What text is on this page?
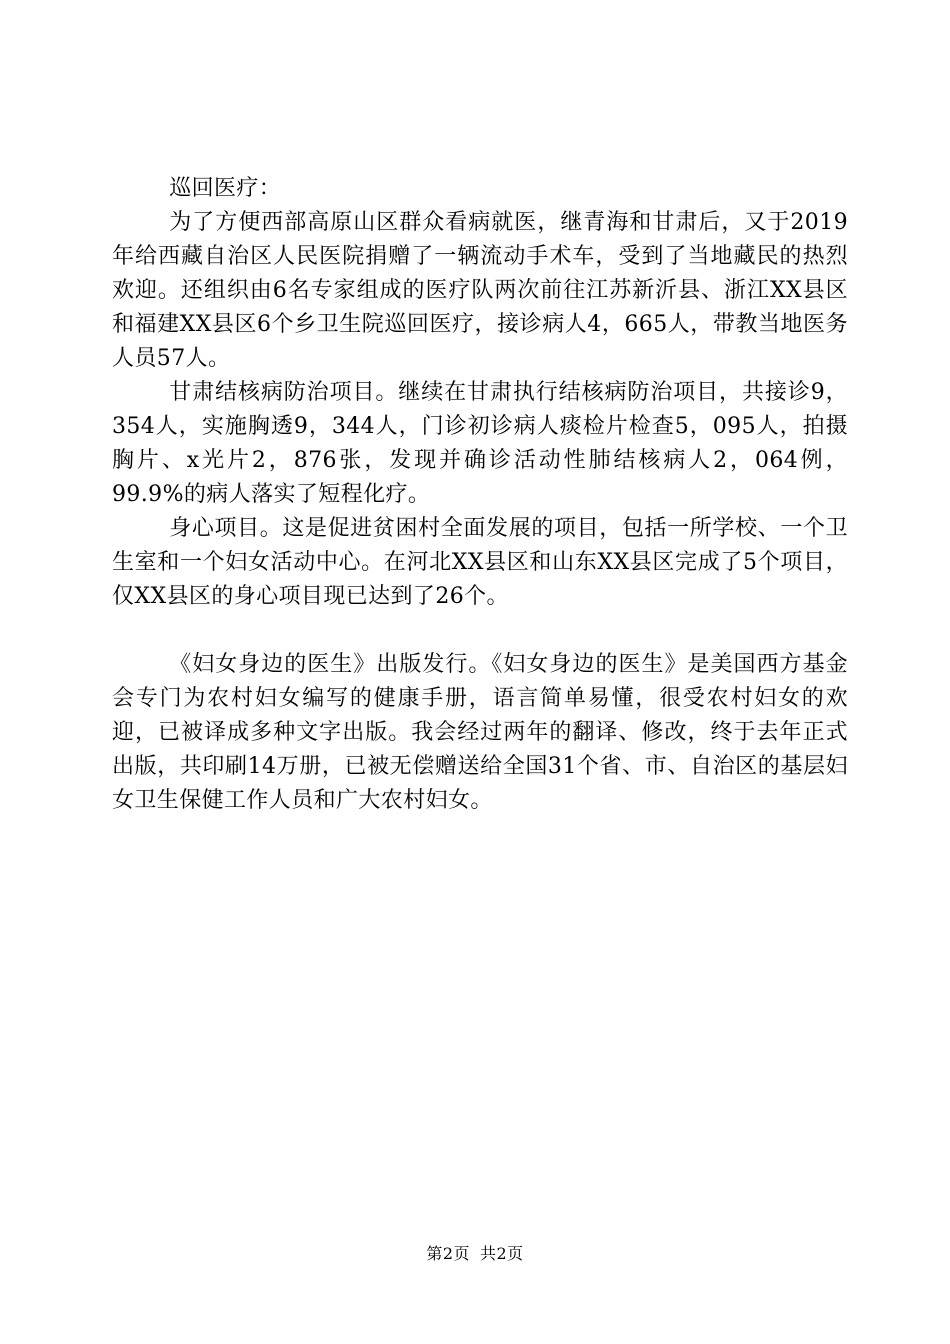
巡回医疗：

为了方便西部高原山区群众看病就医，继青海和甘肃后，又于2019年给西藏自治区人民医院捐赠了一辆流动手术车，受到了当地藏民的热烈欢迎。还组织由6名专家组成的医疗队两次前往江苏新沂县、浙江XX县区和福建XX县区6个乡卫生院巡回医疗，接诊病人4，665人，带教当地医务人员57人。

甘肃结核病防治项目。继续在甘肃执行结核病防治项目，共接诊9，354人，实施胸透9，344人，门诊初诊病人痰检片检查5，095人，拍摄胸片、x光片2，876张，发现并确诊活动性肺结核病人2，064例，99.9%的病人落实了短程化疗。

身心项目。这是促进贫困村全面发展的项目，包括一所学校、一个卫生室和一个妇女活动中心。在河北XX县区和山东XX县区完成了5个项目，仅XX县区的身心项目现已达到了26个。

《妇女身边的医生》出版发行。《妇女身边的医生》是美国西方基金会专门为农村妇女编写的健康手册，语言简单易懂，很受农村妇女的欢迎，已被译成多种文字出版。我会经过两年的翻译、修改，终于去年正式出版，共印刷14万册，已被无偿赠送给全国31个省、市、自治区的基层妇女卫生保健工作人员和广大农村妇女。

第2页 共2页
